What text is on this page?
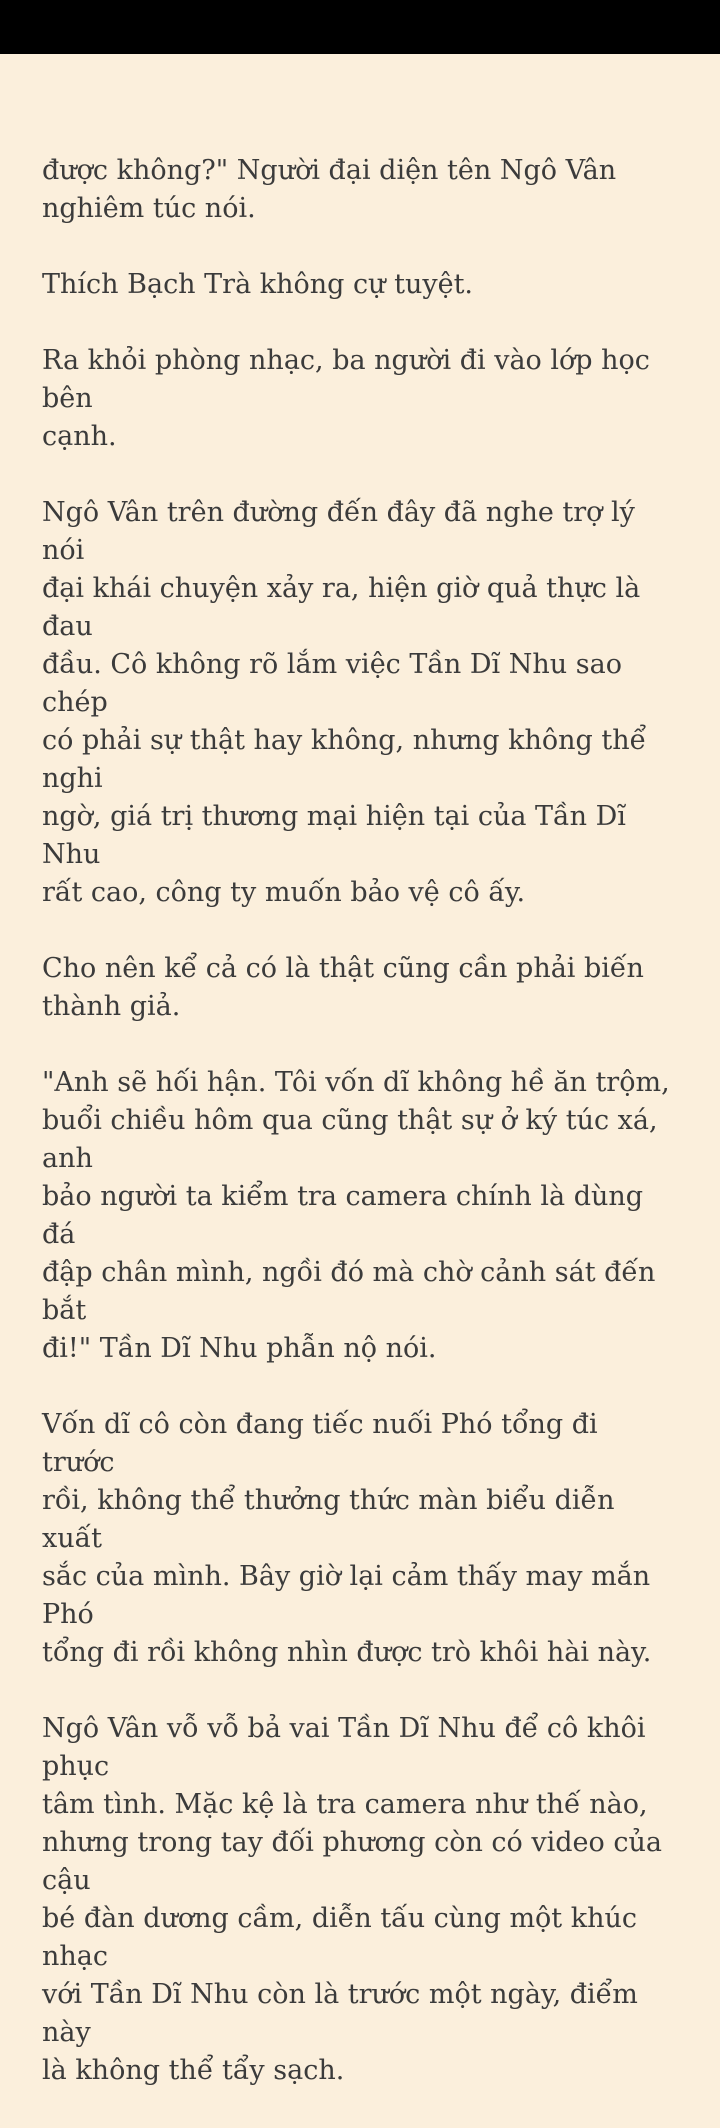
được không?" Người đại diện tên Ngô Vân
nghiêm túc nói.

Thích Bạch Trà không cự tuyệt.

Ra khỏi phòng nhạc, ba người đi vào lớp học bên
cạnh.

Ngô Vân trên đường đến đây đã nghe trợ lý nói
đại khái chuyện xảy ra, hiện giờ quả thực là đau
đầu. Cô không rõ lắm việc Tần Dĩ Nhu sao chép
có phải sự thật hay không, nhưng không thể nghi
ngờ, giá trị thương mại hiện tại của Tần Dĩ Nhu
rất cao, công ty muốn bảo vệ cô ấy.

Cho nên kể cả có là thật cũng cần phải biến
thành giả.

"Anh sẽ hối hận. Tôi vốn dĩ không hề ăn trộm,
buổi chiều hôm qua cũng thật sự ở ký túc xá, anh
bảo người ta kiểm tra camera chính là dùng đá
đập chân mình, ngồi đó mà chờ cảnh sát đến bắt
đi!" Tần Dĩ Nhu phẫn nộ nói.

Vốn dĩ cô còn đang tiếc nuối Phó tổng đi trước
rồi, không thể thưởng thức màn biểu diễn xuất
sắc của mình. Bây giờ lại cảm thấy may mắn Phó
tổng đi rồi không nhìn được trò khôi hài này.

Ngô Vân vỗ vỗ bả vai Tần Dĩ Nhu để cô khôi phục
tâm tình. Mặc kệ là tra camera như thế nào,
nhưng trong tay đối phương còn có video của cậu
bé đàn dương cầm, diễn tấu cùng một khúc nhạc
với Tần Dĩ Nhu còn là trước một ngày, điểm này
là không thể tẩy sạch.
